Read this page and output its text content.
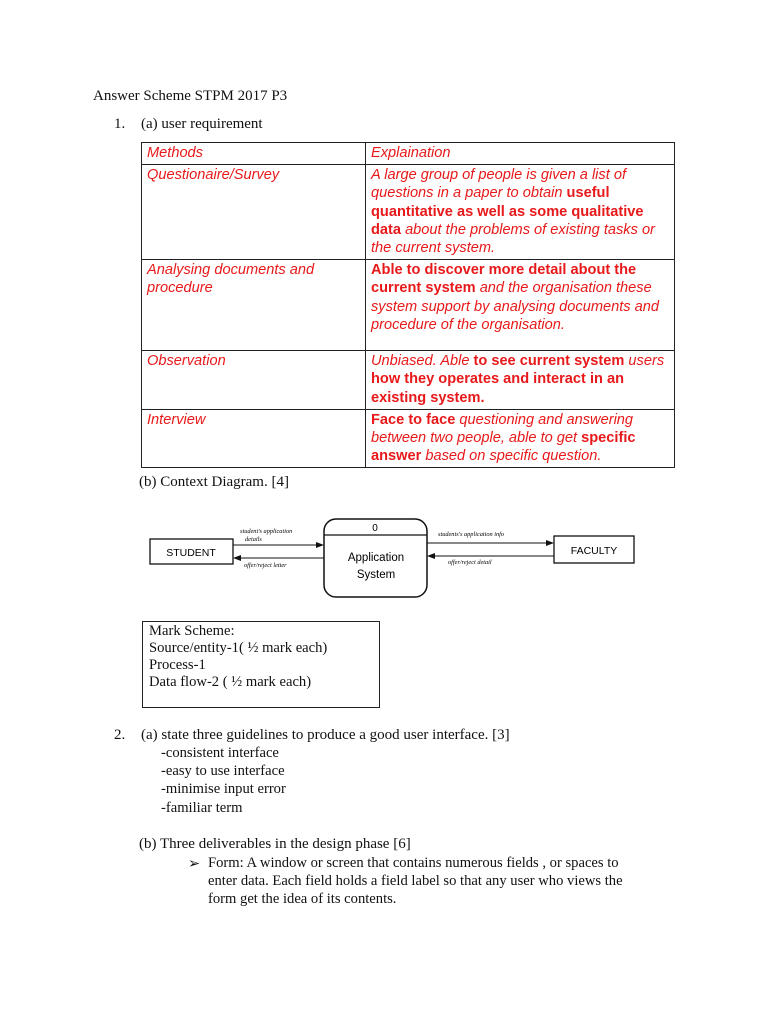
Answer Scheme STPM 2017 P3
1. (a) user requirement
Methods	Explaination
Questionaire/Survey	A large group of people is given a list of questions in a paper to obtain useful quantitative as well as some qualitative data about the problems of existing tasks or the current system.
Analysing documents and procedure	Able to discover more detail about the current system and the organisation these system support by analysing documents and procedure of the organisation.
Observation	Unbiased. Able to see current system users how they operates and interact in an existing system.
Interview	Face to face questioning and answering between two people, able to get specific answer based on specific question.
(b) Context Diagram. [4]
STUDENT	FACULTY
0
Application
System
student's application
details
offer/reject letter
students's application info
offer/reject detail
Mark Scheme:
Source/entity-1( ½ mark each)
Process-1
Data flow-2 ( ½ mark each)
2. (a) state three guidelines to produce a good user interface. [3]
-consistent interface
-easy to use interface
-minimise input error
-familiar term
(b) Three deliverables in the design phase [6]
➢ Form: A window or screen that contains numerous fields , or spaces to
enter data. Each field holds a field label so that any user who views the
form get the idea of its contents.
